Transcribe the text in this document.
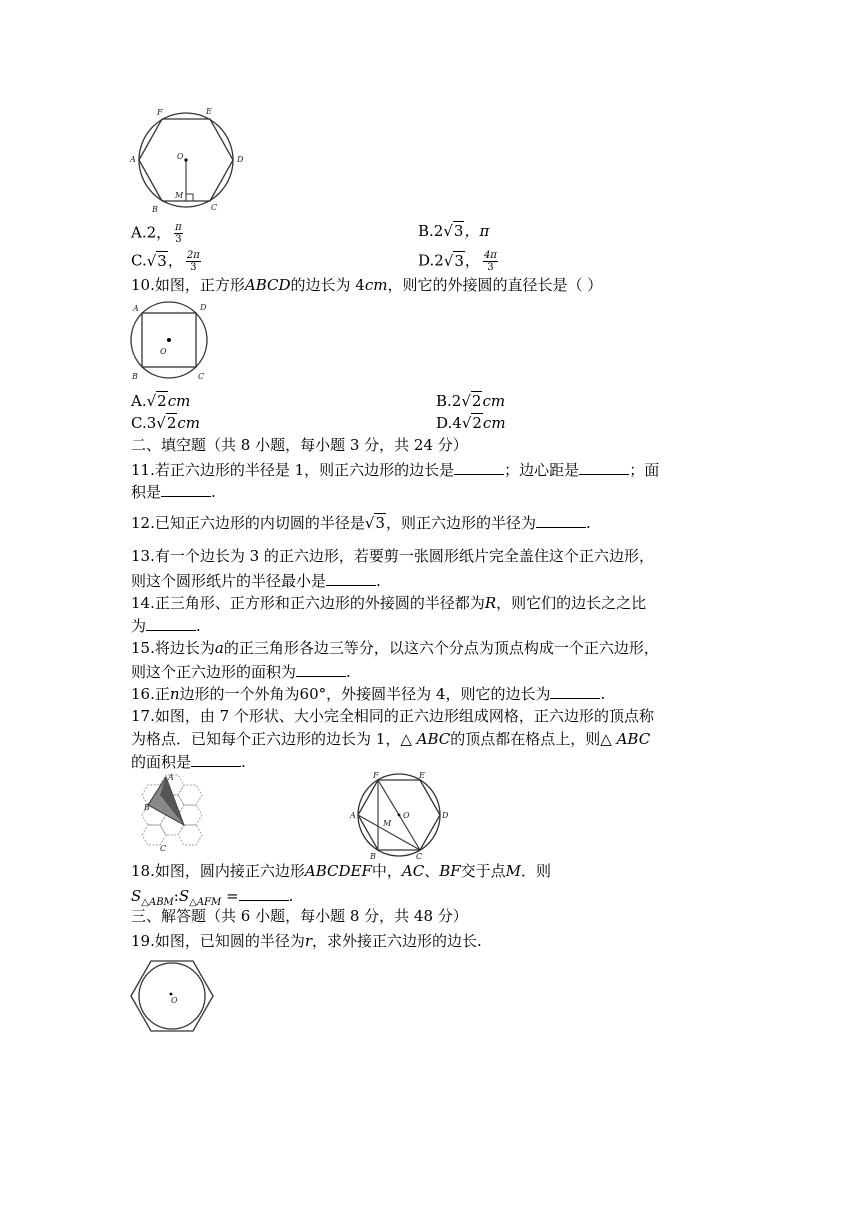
F	E
A	O	D
M
B	C
A.2， $\frac{\pi}{3}$	B.2√3，π
C.√3， $\frac{2\pi}{3}$	D.2√3， $\frac{4\pi}{3}$
10.如图，正方形ABCD的边长为 4cm，则它的外接圆的直径长是（ ）
A	D
O
B	C
A.√2cm	B.2√2cm
C.3√2cm	D.4√2cm
二、填空题（共 8 小题，每小题 3 分，共 24 分）
11.若正六边形的半径是 1，则正六边形的边长是	；边心距是	；面
积是	.
12.已知正六边形的内切圆的半径是√3，则正六边形的半径为	.
13.有一个边长为 3 的正六边形，若要剪一张圆形纸片完全盖住这个正六边形，
则这个圆形纸片的半径最小是	.
14.正三角形、正方形和正六边形的外接圆的半径都为R，则它们的边长之之比
为	.
15.将边长为a的正三角形各边三等分，以这六个分点为顶点构成一个正六边形，
则这个正六边形的面积为	.
16.正n边形的一个外角为60°，外接圆半径为 4，则它的边长为	.
17.如图，由 7 个形状、大小完全相同的正六边形组成网格，正六边形的顶点称
为格点．已知每个正六边形的边长为 1，△ ABC的顶点都在格点上，则△ ABC
的面积是	.
A
B
C
F	E
A
M
O	D
B	C
18.如图，圆内接正六边形ABCDEF中，AC、BF交于点M．则
$S_{\triangle ABM}:S_{\triangle AFM}$ =	.
三、解答题（共 6 小题，每小题 8 分，共 48 分）
19.如图，已知圆的半径为r，求外接正六边形的边长.
O
